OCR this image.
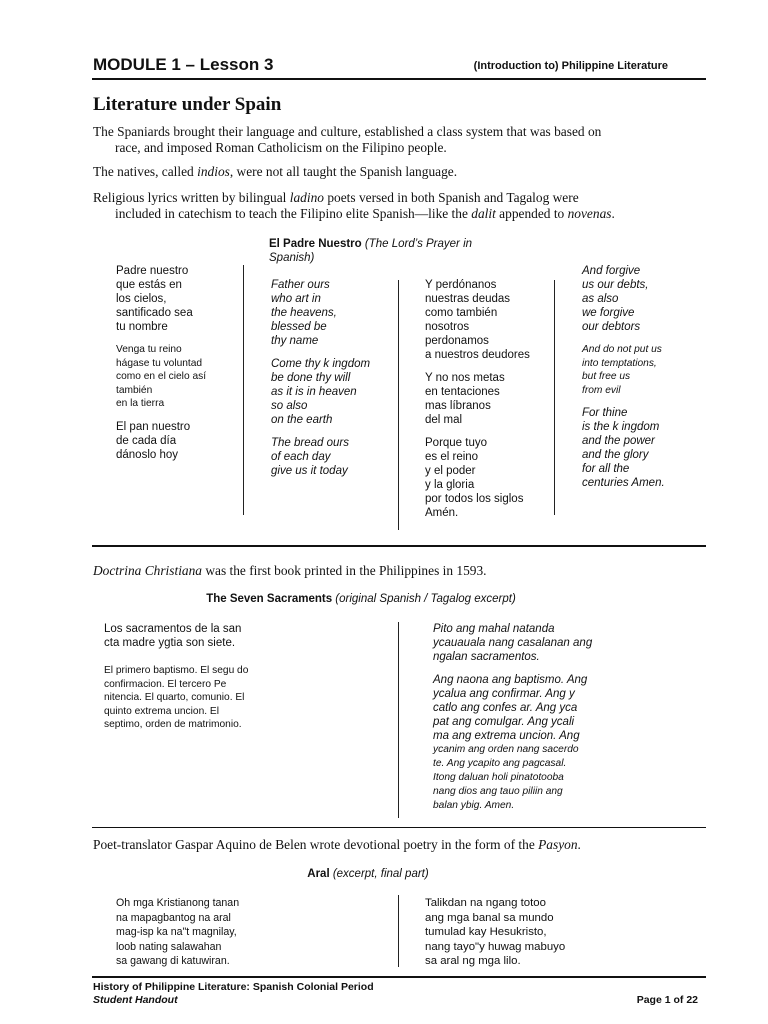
MODULE 1 – Lesson 3	(Introduction to) Philippine Literature
Literature under Spain
The Spaniards brought their language and culture, established a class system that was based on
race, and imposed Roman Catholicism on the Filipino people.
The natives, called indios, were not all taught the Spanish language.
Religious lyrics written by bilingual ladino poets versed in both Spanish and Tagalog were
included in catechism to teach the Filipino elite Spanish—like the dalit appended to novenas.
El Padre Nuestro (The Lord’s Prayer in
Spanish)
Padre nuestro
que estás en
los cielos,
santificado sea
tu nombre
Venga tu reino
hágase tu voluntad
como en el cielo así
también
en la tierra
El pan nuestro
de cada día
dánoslo hoy
Father ours
who art in
the heavens,
blessed be
thy name
Come thy k ingdom
be done thy will
as it is in heaven
so also
on the earth
The bread ours
of each day
give us it today
Y perdónanos
nuestras deudas
como también
nosotros
perdonamos
a nuestros deudores
Y no nos metas
en tentaciones
mas líbranos
del mal
Porque tuyo
es el reino
y el poder
y la gloria
por todos los siglos
Amén.
And forgive
us our debts,
as also
we forgive
our debtors
And do not put us
into temptations,
but free us
from evil
For thine
is the k ingdom
and the power
and the glory
for all the
centuries Amen.
Doctrina Christiana was the first book printed in the Philippines in 1593.
The Seven Sacraments (original Spanish / Tagalog excerpt)
Los sacramentos de la san
cta madre ygtia son siete.
El primero baptismo. El segu do
confirmacion. El tercero Pe
nitencia. El quarto, comunio. El
quinto extrema uncion. El
septimo, orden de matrimonio.
Pito ang mahal natanda
ycauauala nang casalanan ang
ngalan sacramentos.
Ang naona ang baptismo. Ang
ycalua ang confirmar. Ang y
catlo ang confes ar. Ang yca
pat ang comulgar. Ang ycali
ma ang extrema uncion. Ang
ycanim ang orden nang sacerdo
te. Ang ycapito ang pagcasal.
Itong daluan holi pinatotooba
nang dios ang tauo piliin ang
balan ybig. Amen.
Poet-translator Gaspar Aquino de Belen wrote devotional poetry in the form of the Pasyon.
Aral (excerpt, final part)
Oh mga Kristianong tanan
na mapagbantog na aral
mag-isp ka na"t magnilay,
loob nating salawahan
sa gawang di katuwiran.
Talikdan na ngang totoo
ang mga banal sa mundo
tumulad kay Hesukristo,
nang tayo"y huwag mabuyo
sa aral ng mga lilo.
History of Philippine Literature: Spanish Colonial Period
Student Handout	Page 1 of 22
